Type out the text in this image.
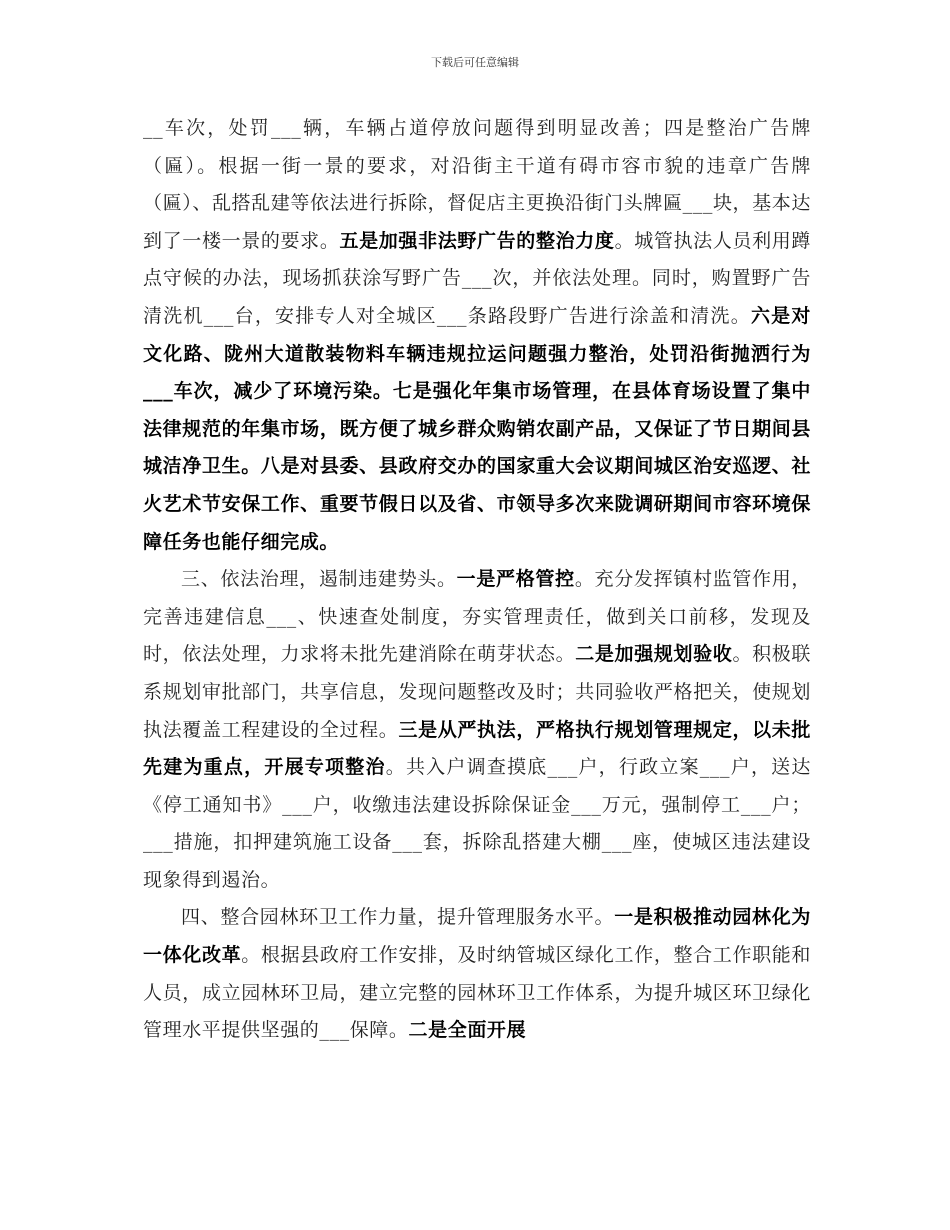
下载后可任意编辑

__车次，处罚___辆，车辆占道停放问题得到明显改善；四是整治广告牌（匾）。根据一街一景的要求，对沿街主干道有碍市容市貌的违章广告牌（匾）、乱搭乱建等依法进行拆除，督促店主更换沿街门头牌匾___块，基本达到了一楼一景的要求。五是加强非法野广告的整治力度。城管执法人员利用蹲点守候的办法，现场抓获涂写野广告___次，并依法处理。同时，购置野广告清洗机___台，安排专人对全城区___条路段野广告进行涂盖和清洗。六是对文化路、陇州大道散装物料车辆违规拉运问题强力整治，处罚沿街抛洒行为___车次，减少了环境污染。七是强化年集市场管理，在县体育场设置了集中法律规范的年集市场，既方便了城乡群众购销农副产品，又保证了节日期间县城洁净卫生。八是对县委、县政府交办的国家重大会议期间城区治安巡逻、社火艺术节安保工作、重要节假日以及省、市领导多次来陇调研期间市容环境保障任务也能仔细完成。

三、依法治理，遏制违建势头。一是严格管控。充分发挥镇村监管作用，完善违建信息___、快速查处制度，夯实管理责任，做到关口前移，发现及时，依法处理，力求将未批先建消除在萌芽状态。二是加强规划验收。积极联系规划审批部门，共享信息，发现问题整改及时；共同验收严格把关，使规划执法覆盖工程建设的全过程。三是从严执法，严格执行规划管理规定，以未批先建为重点，开展专项整治。共入户调查摸底___户，行政立案___户，送达《停工通知书》___户，收缴违法建设拆除保证金___万元，强制停工___户；___措施，扣押建筑施工设备___套，拆除乱搭建大棚___座，使城区违法建设现象得到遏治。

四、整合园林环卫工作力量，提升管理服务水平。一是积极推动园林化为一体化改革。根据县政府工作安排，及时纳管城区绿化工作，整合工作职能和人员，成立园林环卫局，建立完整的园林环卫工作体系，为提升城区环卫绿化管理水平提供坚强的___保障。二是全面开展
